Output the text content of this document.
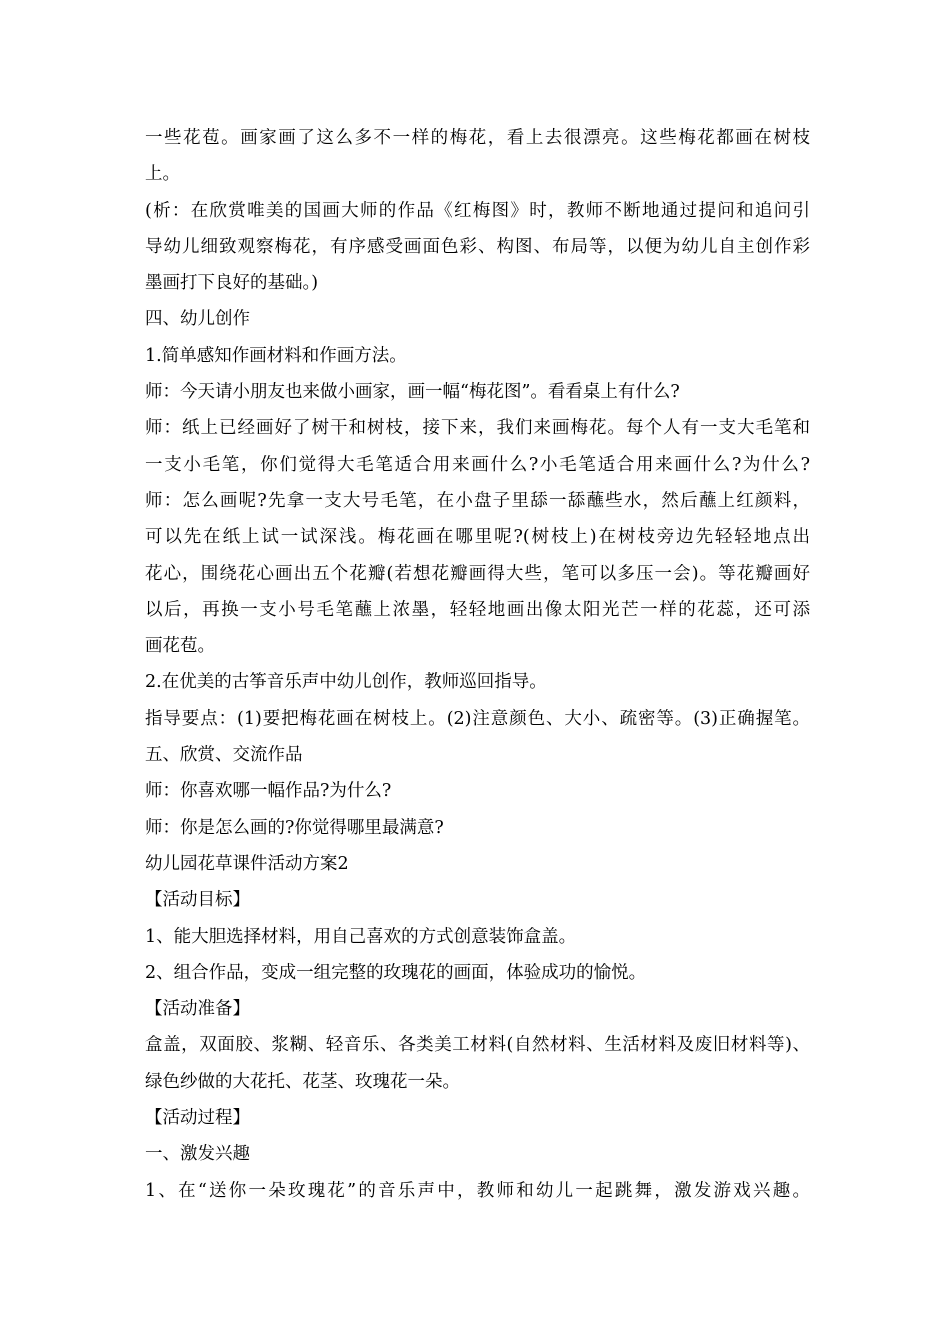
一些花苞。画家画了这么多不一样的梅花，看上去很漂亮。这些梅花都画在树枝
上。
(析：在欣赏唯美的国画大师的作品《红梅图》时，教师不断地通过提问和追问引
导幼儿细致观察梅花，有序感受画面色彩、构图、布局等，以便为幼儿自主创作彩
墨画打下良好的基础。)
四、幼儿创作
1.简单感知作画材料和作画方法。
师：今天请小朋友也来做小画家，画一幅“梅花图”。看看桌上有什么?
师：纸上已经画好了树干和树枝，接下来，我们来画梅花。每个人有一支大毛笔和
一支小毛笔，你们觉得大毛笔适合用来画什么?小毛笔适合用来画什么?为什么?
师：怎么画呢?先拿一支大号毛笔，在小盘子里舔一舔蘸些水，然后蘸上红颜料，
可以先在纸上试一试深浅。梅花画在哪里呢?(树枝上)在树枝旁边先轻轻地点出
花心，围绕花心画出五个花瓣(若想花瓣画得大些，笔可以多压一会)。等花瓣画好
以后，再换一支小号毛笔蘸上浓墨，轻轻地画出像太阳光芒一样的花蕊，还可添
画花苞。
2.在优美的古筝音乐声中幼儿创作，教师巡回指导。
指导要点：(1)要把梅花画在树枝上。(2)注意颜色、大小、疏密等。(3)正确握笔。
五、欣赏、交流作品
师：你喜欢哪一幅作品?为什么?
师：你是怎么画的?你觉得哪里最满意?
幼儿园花草课件活动方案2
【活动目标】
1、能大胆选择材料，用自己喜欢的方式创意装饰盒盖。
2、组合作品，变成一组完整的玫瑰花的画面，体验成功的愉悦。
【活动准备】
盒盖，双面胶、浆糊、轻音乐、各类美工材料(自然材料、生活材料及废旧材料等)、
绿色纱做的大花托、花茎、玫瑰花一朵。
【活动过程】
一、激发兴趣
1、在“送你一朵玫瑰花”的音乐声中，教师和幼儿一起跳舞，激发游戏兴趣。
